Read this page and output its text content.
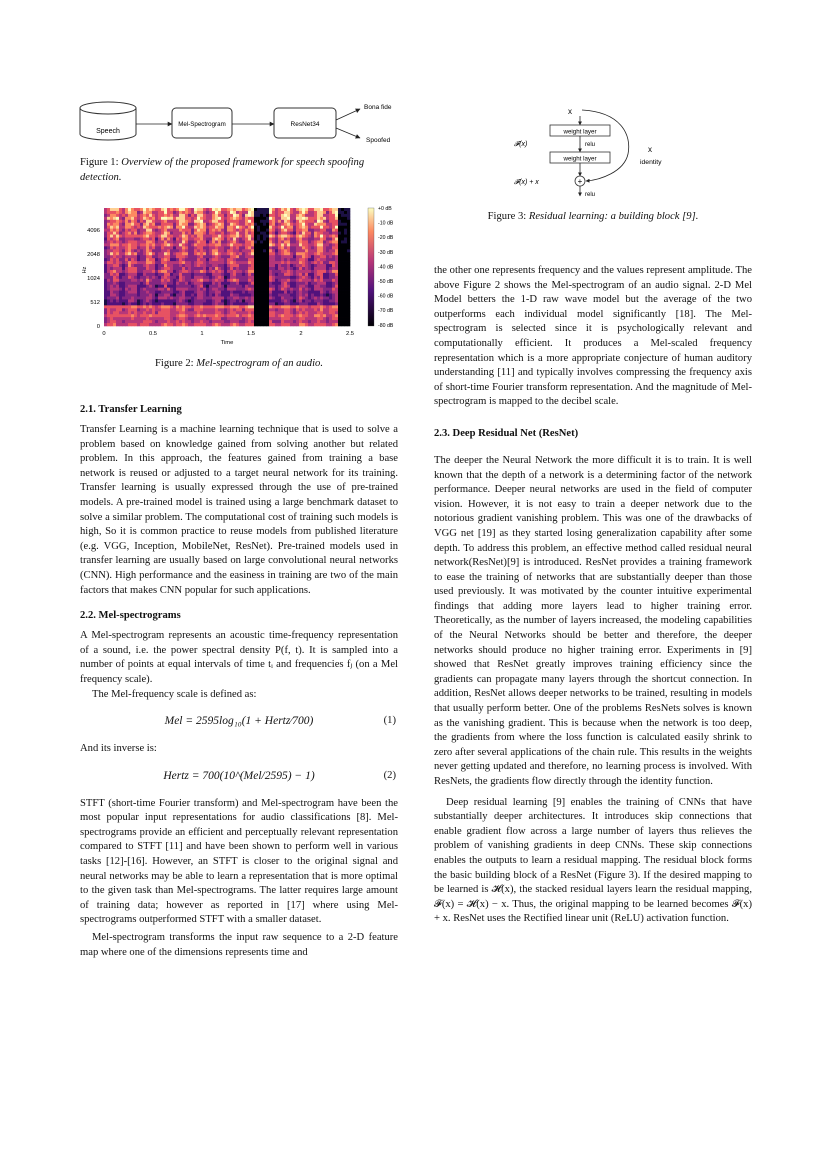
Speech
Mel-Spectrogram	ResNet34
Bona fide
Spoofed
Figure 1: Overview of the proposed framework for speech spoofing detection.
4096
2048
1024
512
0
Hz
0	0.5	1	1.5	2	2.5
Time
+0 dB
-10 dB
-20 dB
-30 dB
-40 dB
-50 dB
-60 dB
-70 dB
-80 dB
Figure 2: Mel-spectrogram of an audio.

2.1. Transfer Learning

Transfer Learning is a machine learning technique that is used to solve a problem based on knowledge gained from solving another but related problem. In this approach, the features gained from training a base network is reused or adjusted to a target neural network for its training. Transfer learning is usually expressed through the use of pre-trained models. A pre-trained model is trained using a large benchmark dataset to solve a similar problem. The computational cost of training such models is high, So it is common practice to reuse models from published literature (e.g. VGG, Inception, MobileNet, ResNet). Pre-trained models used in transfer learning are usually based on large convolutional neural networks (CNN). High performance and the easiness in training are two of the main factors that makes CNN popular for such applications.

2.2. Mel-spectrograms

A Mel-spectrogram represents an acoustic time-frequency representation of a sound, i.e. the power spectral density P(f, t). It is sampled into a number of points at equal intervals of time tᵢ and frequencies fⱼ (on a Mel frequency scale).

The Mel-frequency scale is defined as:

Mel = 2595log₁₀(1 + Hertz⁄700)	(1)

And its inverse is:

Hertz = 700(10^(Mel/2595) − 1)	(2)

STFT (short-time Fourier transform) and Mel-spectrogram have been the most popular input representations for audio classifications [8]. Mel-spectrograms provide an efficient and perceptually relevant representation compared to STFT [11] and have been shown to perform well in various tasks [12]-[16]. However, an STFT is closer to the original signal and neural networks may be able to learn a representation that is more optimal to the given task than Mel-spectrograms. The latter requires large amount of training data; however as reported in [17] where using Mel-spectrograms outperformed STFT with a smaller dataset.

Mel-spectrogram transforms the input raw sequence to a 2-D feature map where one of the dimensions represents time and

x
weight layer
relu
weight layer
𝓕(x)
+
x
identity
𝓕(x) + x
relu
Figure 3: Residual learning: a building block [9].

the other one represents frequency and the values represent amplitude. The above Figure 2 shows the Mel-spectrogram of an audio signal. 2-D Mel Model betters the 1-D raw wave model but the average of the two outperforms each individual model significantly [18]. The Mel-spectrogram is selected since it is psychologically relevant and computationally efficient. It produces a Mel-scaled frequency representation which is a more appropriate conjecture of human auditory understanding [11] and typically involves compressing the frequency axis of short-time Fourier transform representation. And the magnitude of Mel-spectrogram is mapped to the decibel scale.

2.3. Deep Residual Net (ResNet)

The deeper the Neural Network the more difficult it is to train. It is well known that the depth of a network is a determining factor of the network performance. Deeper neural networks are used in the field of computer vision. However, it is not easy to train a deeper network due to the notorious gradient vanishing problem. This was one of the drawbacks of VGG net [19] as they started losing generalization capability after some depth. To address this problem, an effective method called residual neural network(ResNet)[9] is introduced. ResNet provides a training framework to ease the training of networks that are substantially deeper than those used previously. It was motivated by the counter intuitive experimental findings that adding more layers lead to higher training error. Theoretically, as the number of layers increased, the modeling capabilities of the Neural Networks should be better and therefore, the deeper networks should produce no higher training error. Experiments in [9] showed that ResNet greatly improves training efficiency since the gradients can propagate many layers through the shortcut connection. In addition, ResNet allows deeper networks to be trained, resulting in models that usually perform better. One of the problems ResNets solves is known as the vanishing gradient. This is because when the network is too deep, the gradients from where the loss function is calculated easily shrink to zero after several applications of the chain rule. This results in the weights never getting updated and therefore, no learning process is involved. With ResNets, the gradients flow directly through the identity function.

Deep residual learning [9] enables the training of CNNs that have substantially deeper architectures. It introduces skip connections that enable gradient flow across a large number of layers thus relieves the problem of vanishing gradients in deep CNNs. These skip connections enables the outputs to learn a residual mapping. The residual block forms the basic building block of a ResNet (Figure 3). If the desired mapping to be learned is 𝓗(x), the stacked residual layers learn the residual mapping, 𝓕(x) = 𝓗(x) − x. Thus, the original mapping to be learned becomes 𝓕(x) + x. ResNet uses the Rectified linear unit (ReLU) activation function.
